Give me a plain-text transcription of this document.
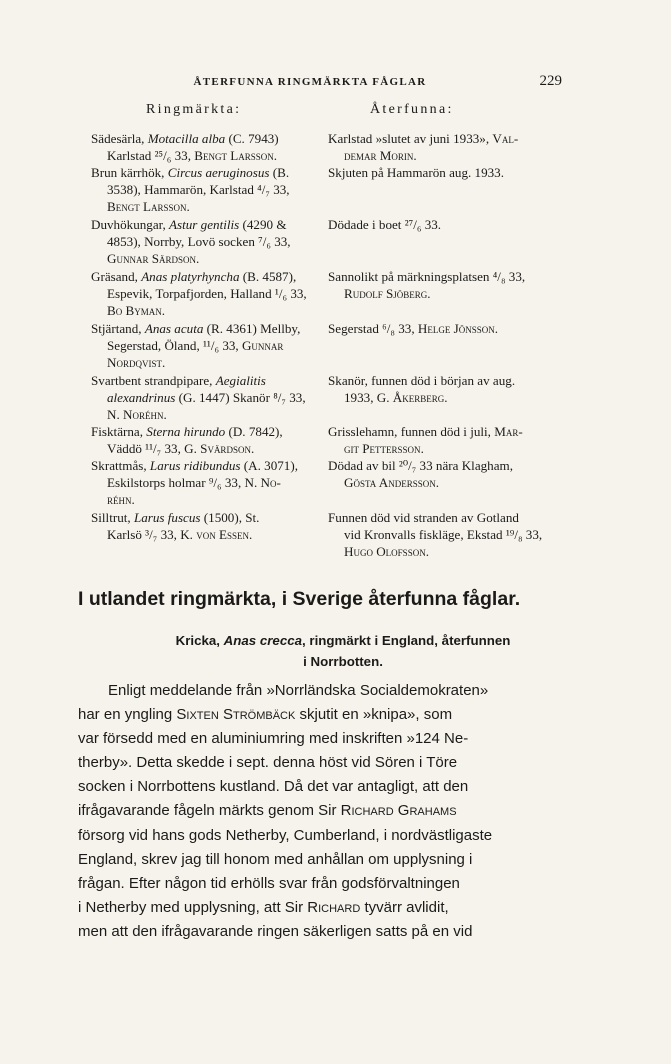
ÅTERFUNNA RINGMÄRKTA FÅGLAR	229
Ringmärkta:	Återfunna:
Sädesärla, Motacilla alba (C. 7943)
Karlstad ²⁵/₆ 33, Bengt Larsson.
Karlstad »slutet av juni 1933», Val-
demar Morin.
Brun kärrhök, Circus aeruginosus (B.
3538), Hammarön, Karlstad ⁴/₇ 33,
Bengt Larsson.
Skjuten på Hammarön aug. 1933.
Duvhökungar, Astur gentilis (4290 &
4853), Norrby, Lovö socken ⁷/₆ 33,
Gunnar Särdson.
Dödade i boet ²⁷/₆ 33.
Gräsand, Anas platyrhyncha (B. 4587),
Espevik, Torpafjorden, Halland ¹/₆ 33,
Bo Byman.
Sannolikt på märkningsplatsen ⁴/₈ 33,
Rudolf Sjöberg.
Stjärtand, Anas acuta (R. 4361) Mellby,
Segerstad, Öland, ¹¹/₆ 33, Gunnar
Nordqvist.
Segerstad ⁶/₈ 33, Helge Jönsson.
Svartbent strandpipare, Aegialitis
alexandrinus (G. 1447) Skanör ⁸/₇ 33,
N. Noréhn.
Skanör, funnen död i början av aug.
1933, G. Åkerberg.
Fisktärna, Sterna hirundo (D. 7842),
Väddö ¹¹/₇ 33, G. Svärdson.
Grisslehamn, funnen död i juli, Mar-
git Pettersson.
Skrattmås, Larus ridibundus (A. 3071),
Eskilstorps holmar ⁹/₆ 33, N. No-
réhn.
Dödad av bil ²⁰/₇ 33 nära Klagham,
Gösta Andersson.
Silltrut, Larus fuscus (1500), St.
Karlsö ³/₇ 33, K. von Essen.
Funnen död vid stranden av Gotland
vid Kronvalls fiskläge, Ekstad ¹⁹/₈ 33,
Hugo Olofsson.
I utlandet ringmärkta, i Sverige återfunna fåglar.
Kricka, Anas crecca, ringmärkt i England, återfunnen
i Norrbotten.
Enligt meddelande från »Norrländska Socialdemokraten»
har en yngling Sixten Strömbäck skjutit en »knipa», som
var försedd med en aluminiumring med inskriften »124 Ne-
therby». Detta skedde i sept. denna höst vid Sören i Töre
socken i Norrbottens kustland. Då det var antagligt, att den
ifrågavarande fågeln märkts genom Sir Richard Grahams
försorg vid hans gods Netherby, Cumberland, i nordvästligaste
England, skrev jag till honom med anhållan om upplysning i
frågan. Efter någon tid erhölls svar från godsförvaltningen
i Netherby med upplysning, att Sir Richard tyvärr avlidit,
men att den ifrågavarande ringen säkerligen satts på en vid
